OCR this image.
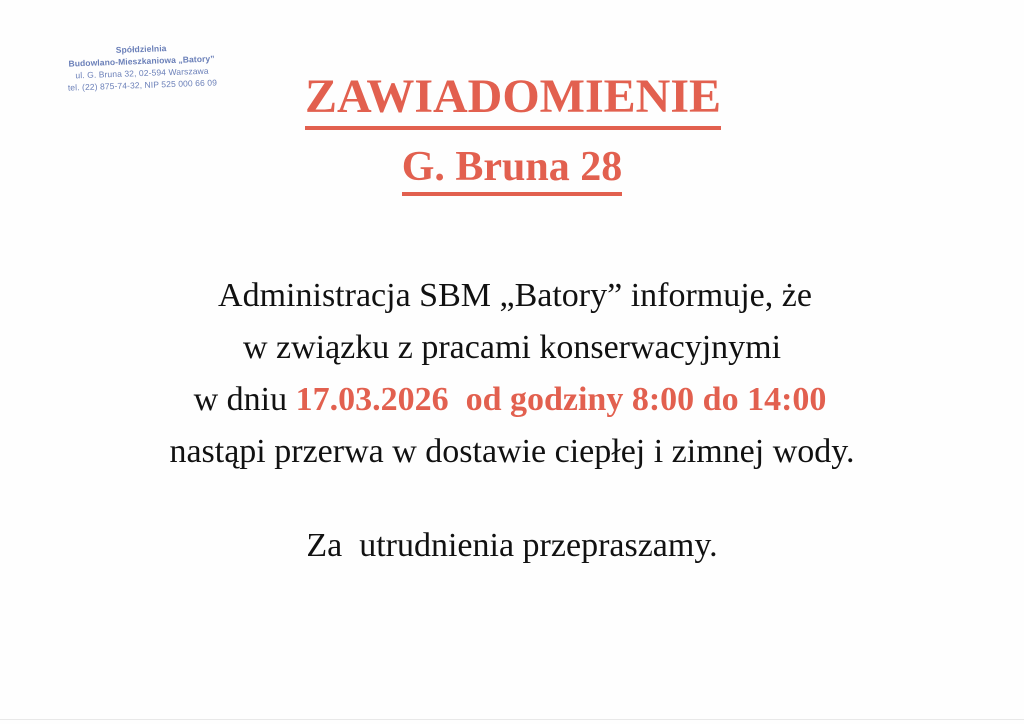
Spółdzielnia
Budowlano-Mieszkaniowa „Batory”
ul. G. Bruna 32, 02-594 Warszawa
tel. (22) 875-74-32, NIP 525 000 66 09	ZAWIADOMIENIE
G. Bruna 28
Administracja SBM „Batory” informuje, że
w związku z pracami konserwacyjnymi
w dniu 17.03.2026 od godziny 8:00 do 14:00
nastąpi przerwa w dostawie ciepłej i zimnej wody.
Za  utrudnienia przepraszamy.
